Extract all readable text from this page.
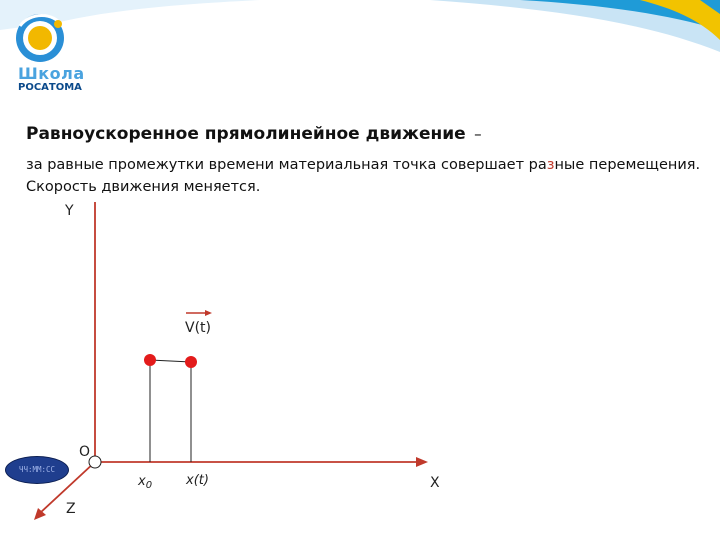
Школа
РОСАТОМА
Равноускоренное прямолинейное движение –
за равные промежутки времени материальная точка совершает разные перемещения. Скорость движения меняется.
V(t)
Y
X
Z
O
$x_0$	x(t)
ЧЧ:ММ:СС
